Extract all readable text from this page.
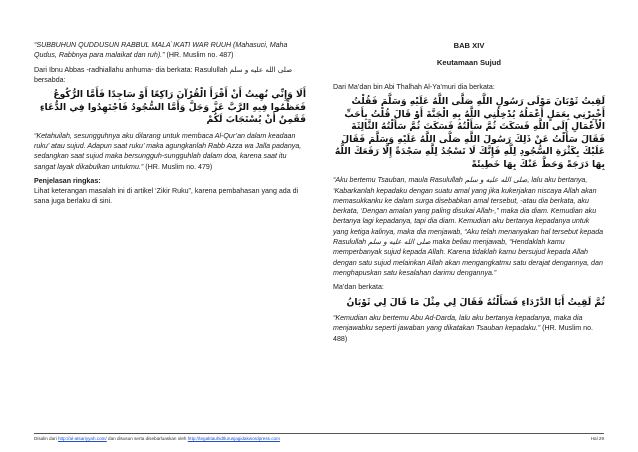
“SUBBUHUN QUDDUSUN RABBUL MALA`IKATI WAR RUUH (Mahasuci, Maha Qudus, Rabbnya para malaikat dan ruh).” (HR. Muslim no. 487)

Dari Ibnu Abbas -radhiallahu anhuma- dia berkata: Rasulullah صلى الله عليه و سلم bersabda:

أَلَا وَإِنِّي نُهِيتُ أَنْ أَقْرَأَ الْقُرْآنَ رَاكِعًا أَوْ سَاجِدًا فَأَمَّا الرُّكُوعُ فَعَظِّمُوا فِيهِ الرَّبَّ عَزَّ وَجَلَّ وَأَمَّا السُّجُودُ فَاجْتَهِدُوا فِي الدُّعَاءِ فَقَمِنٌ أَنْ يُسْتَجَابَ لَكُمْ

“Ketahuilah, sesungguhnya aku dilarang untuk membaca Al-Qur’an dalam keadaan ruku’ atau sujud. Adapun saat ruku’ maka agungkanlah Rabb Azza wa Jalla padanya, sedangkan saat sujud maka bersungguh-sungguhlah dalam doa, karena saat itu sangat layak dikabulkan untukmu.” (HR. Muslim no. 479)

Penjelasan ringkas:

Lihat keterangan masalah ini di artikel ‘Zikir Ruku”, karena pembahasan yang ada di sana juga berlaku di sini.

BAB XIV
Keutamaan Sujud

Dari Ma’dan bin Abi Thalhah Al-Ya’muri dia berkata:

لَقِيتُ ثَوْبَانَ مَوْلَى رَسُولِ اللَّهِ صَلَّى اللَّهُ عَلَيْهِ وَسَلَّمَ فَقُلْتُ أَخْبِرْنِي بِعَمَلٍ أَعْمَلُهُ يُدْخِلُنِي اللَّهُ بِهِ الْجَنَّةَ أَوْ قَالَ قُلْتُ بِأَحَبِّ الْأَعْمَالِ إِلَى اللَّهِ فَسَكَتَ ثُمَّ سَأَلْتُهُ فَسَكَتَ ثُمَّ سَأَلْتُهُ الثَّالِثَةَ فَقَالَ سَأَلْتُ عَنْ ذَلِكَ رَسُولَ اللَّهِ صَلَّى اللَّهُ عَلَيْهِ وَسَلَّمَ فَقَالَ عَلَيْكَ بِكَثْرَةِ السُّجُودِ لِلَّهِ فَإِنَّكَ لَا تَسْجُدُ لِلَّهِ سَجْدَةً إِلَّا رَفَعَكَ اللَّهُ بِهَا دَرَجَةً وَحَطَّ عَنْكَ بِهَا خَطِيئَةً

“Aku bertemu Tsauban, maula Rasulullah صلى الله عليه و سلم, lalu aku bertanya, ‘Kabarkanlah kepadaku dengan suatu amal yang jika kukerjakan niscaya Allah akan memasukkanku ke dalam surga disebabkan amal tersebut, -atau dia berkata, aku berkata, ‘Dengan amalan yang paling disukai Allah-,” maka dia diam. Kemudian aku bertanya lagi kepadanya, tapi dia diam. Kemudian aku bertanya kepadanya untuk yang ketiga kalinya, maka dia menjawab, “Aku telah menanyakan hal tersebut kepada Rasulullah صلى الله عليه و سلم maka beliau menjawab, “Hendaklah kamu memperbanyak sujud kepada Allah. Karena tidaklah kamu bersujud kepada Allah dengan satu sujud melainkan Allah akan mengangkatmu satu derajat dengannya, dan menghapuskan satu kesalahan darimu dengannya.”

Ma’dan berkata:

ثُمَّ لَقِيتُ أَبَا الدَّرْدَاءِ فَسَأَلْتُهُ فَقَالَ لِي مِثْلَ مَا قَالَ لِي ثَوْبَانُ

“Kemudian aku bertemu Abu Ad-Darda, lalu aku bertanya kepadanya, maka dia menjawabku seperti jawaban yang dikatakan Tsauban kepadaku.” (HR. Muslim no. 488)

Disalin dari http://al-atsariyyah.com/ dan disusun serta disebarluaskan oleh http://tegaktauhidtlurusjagidakwordpress.com	Hal 29
